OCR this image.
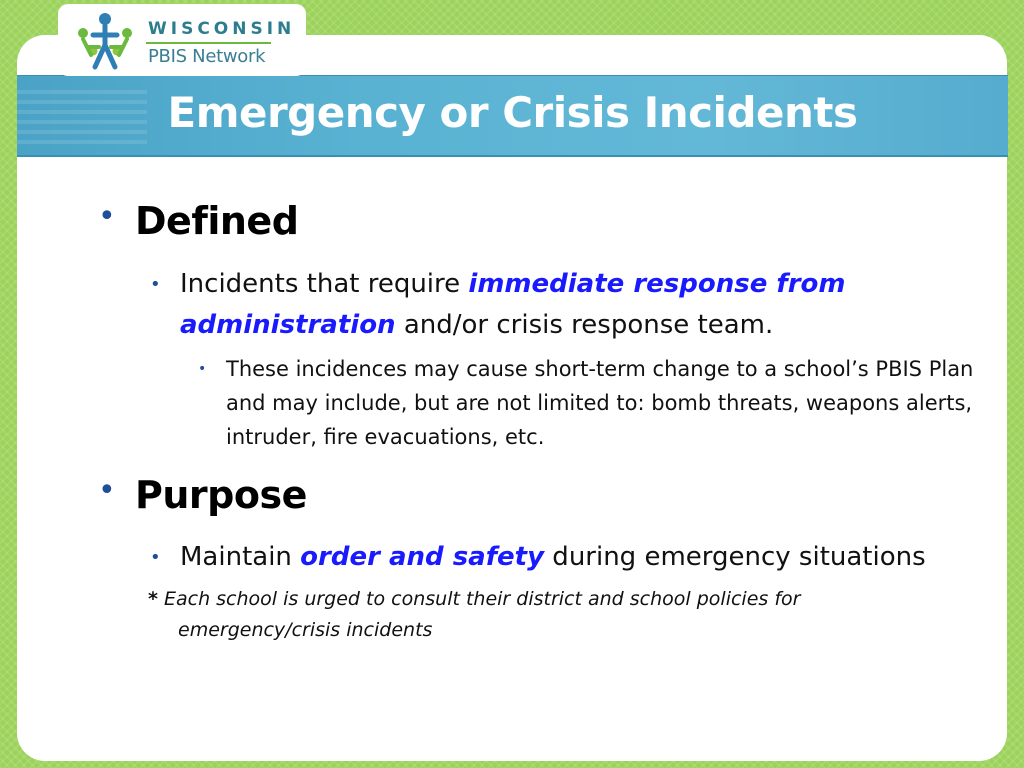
WISCONSIN
PBIS Network
Emergency or Crisis Incidents
• Defined
• Incidents that require immediate response from administration and/or crisis response team.
• These incidences may cause short-term change to a school’s PBIS Plan and may include, but are not limited to: bomb threats, weapons alerts, intruder, fire evacuations, etc.
• Purpose
• Maintain order and safety during emergency situations
* Each school is urged to consult their district and school policies for
emergency/crisis incidents
